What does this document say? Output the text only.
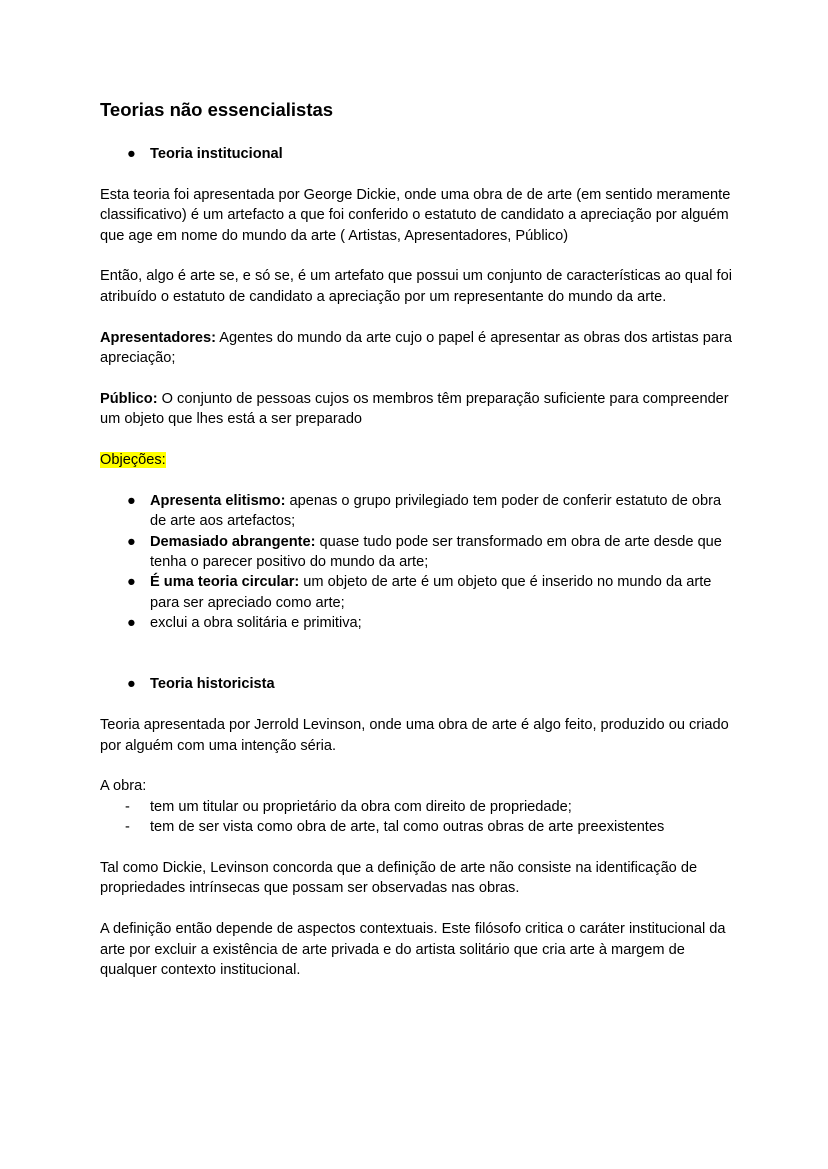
Teorias não essencialistas
● Teoria institucional

Esta teoria foi apresentada por George Dickie, onde uma obra de de arte (em sentido meramente classificativo) é um artefacto a que foi conferido o estatuto de candidato a apreciação por alguém que age em nome do mundo da arte ( Artistas, Apresentadores, Público)

Então, algo é arte se, e só se, é um artefato que possui um conjunto de características ao qual foi atribuído o estatuto de candidato a apreciação por um representante do mundo da arte.

Apresentadores: Agentes do mundo da arte cujo o papel é apresentar as obras dos artistas para apreciação;

Público: O conjunto de pessoas cujos os membros têm preparação suficiente para compreender um objeto que lhes está a ser preparado

Objeções:

● Apresenta elitismo: apenas o grupo privilegiado tem poder de conferir estatuto de obra de arte aos artefactos;
● Demasiado abrangente: quase tudo pode ser transformado em obra de arte desde que tenha o parecer positivo do mundo da arte;
● É uma teoria circular: um objeto de arte é um objeto que é inserido no mundo da arte para ser apreciado como arte;
● exclui a obra solitária e primitiva;
● Teoria historicista

Teoria apresentada por Jerrold Levinson, onde uma obra de arte é algo feito, produzido ou criado por alguém com uma intenção séria.

A obra:

- tem um titular ou proprietário da obra com direito de propriedade;
- tem de ser vista como obra de arte, tal como outras obras de arte preexistentes

Tal como Dickie, Levinson concorda que a definição de arte não consiste na identificação de propriedades intrínsecas que possam ser observadas nas obras.

A definição então depende de aspectos contextuais. Este filósofo critica o caráter institucional da arte por excluir a existência de arte privada e do artista solitário que cria arte à margem de qualquer contexto institucional.
